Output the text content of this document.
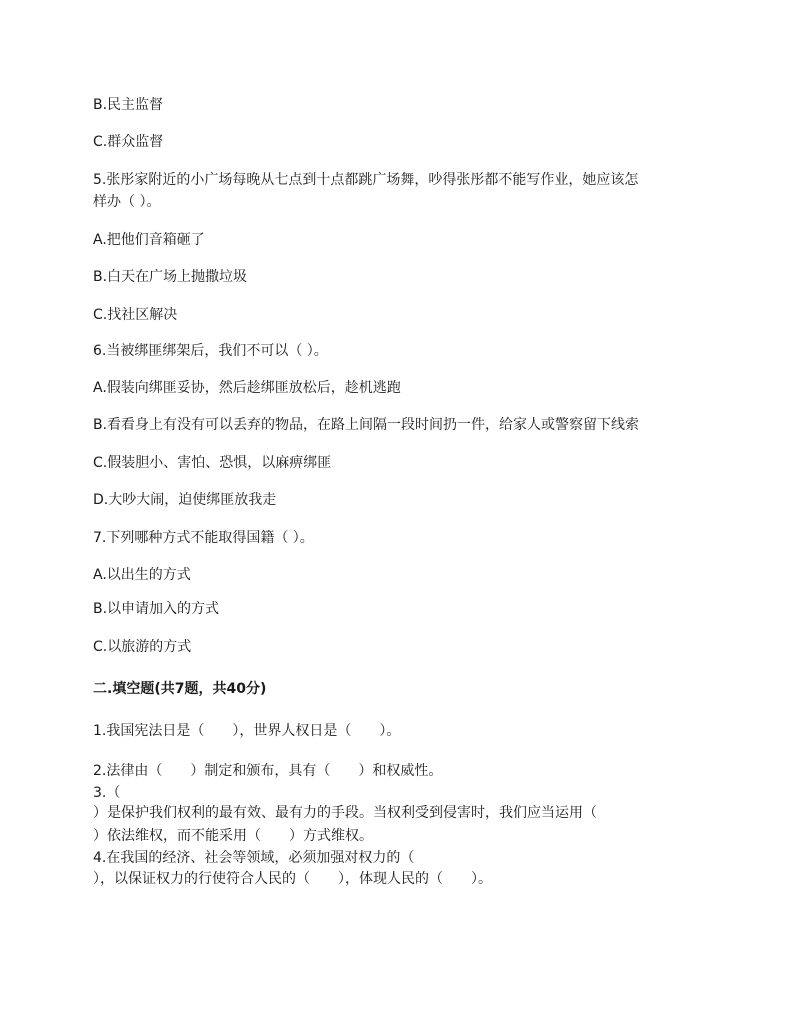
B.民主监督
C.群众监督
5.张彤家附近的小广场每晚从七点到十点都跳广场舞，吵得张彤都不能写作业，她应该怎
样办（ ）。
A.把他们音箱砸了
B.白天在广场上抛撒垃圾
C.找社区解决
6.当被绑匪绑架后，我们不可以（ ）。
A.假装向绑匪妥协，然后趁绑匪放松后，趁机逃跑
B.看看身上有没有可以丢弃的物品，在路上间隔一段时间扔一件，给家人或警察留下线索
C.假装胆小、害怕、恐惧，以麻痹绑匪
D.大吵大闹，迫使绑匪放我走
7.下列哪种方式不能取得国籍（ ）。
A.以出生的方式
B.以申请加入的方式
C.以旅游的方式
二.填空题(共7题，共40分)
1.我国宪法日是（　　），世界人权日是（　　）。
2.法律由（　　）制定和颁布，具有（　　）和权威性。
3.（
）是保护我们权利的最有效、最有力的手段。当权利受到侵害时，我们应当运用（
）依法维权，而不能采用（　　）方式维权。
4.在我国的经济、社会等领域，必须加强对权力的（
），以保证权力的行使符合人民的（　　），体现人民的（　　）。
